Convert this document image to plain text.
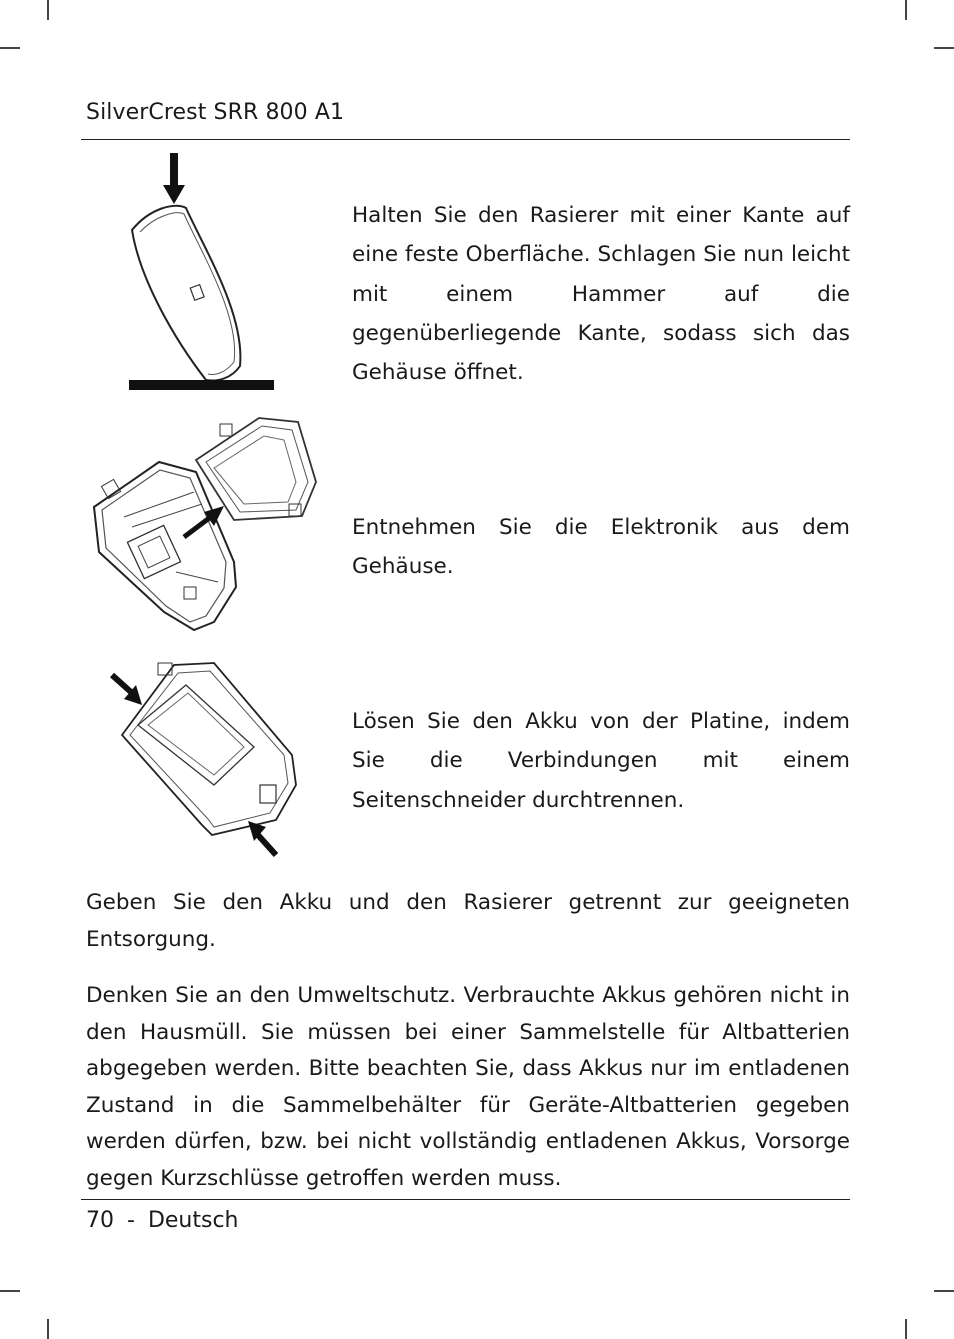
SilverCrest SRR 800 A1

Halten Sie den Rasierer mit einer Kante auf eine feste Oberfläche. Schlagen Sie nun leicht mit einem Hammer auf die gegenüberliegende Kante, sodass sich das Gehäuse öffnet.

Entnehmen Sie die Elektronik aus dem Gehäuse.

Lösen Sie den Akku von der Platine, indem Sie die Verbindungen mit einem Seitenschneider durchtrennen.

Geben Sie den Akku und den Rasierer getrennt zur geeigneten Entsorgung.

Denken Sie an den Umweltschutz. Verbrauchte Akkus gehören nicht in den Hausmüll. Sie müssen bei einer Sammelstelle für Altbatterien abgegeben werden. Bitte beachten Sie, dass Akkus nur im entladenen Zustand in die Sammelbehälter für Geräte-Altbatterien gegeben werden dürfen, bzw. bei nicht vollständig entladenen Akkus, Vorsorge gegen Kurzschlüsse getroffen werden muss.

70 - Deutsch
